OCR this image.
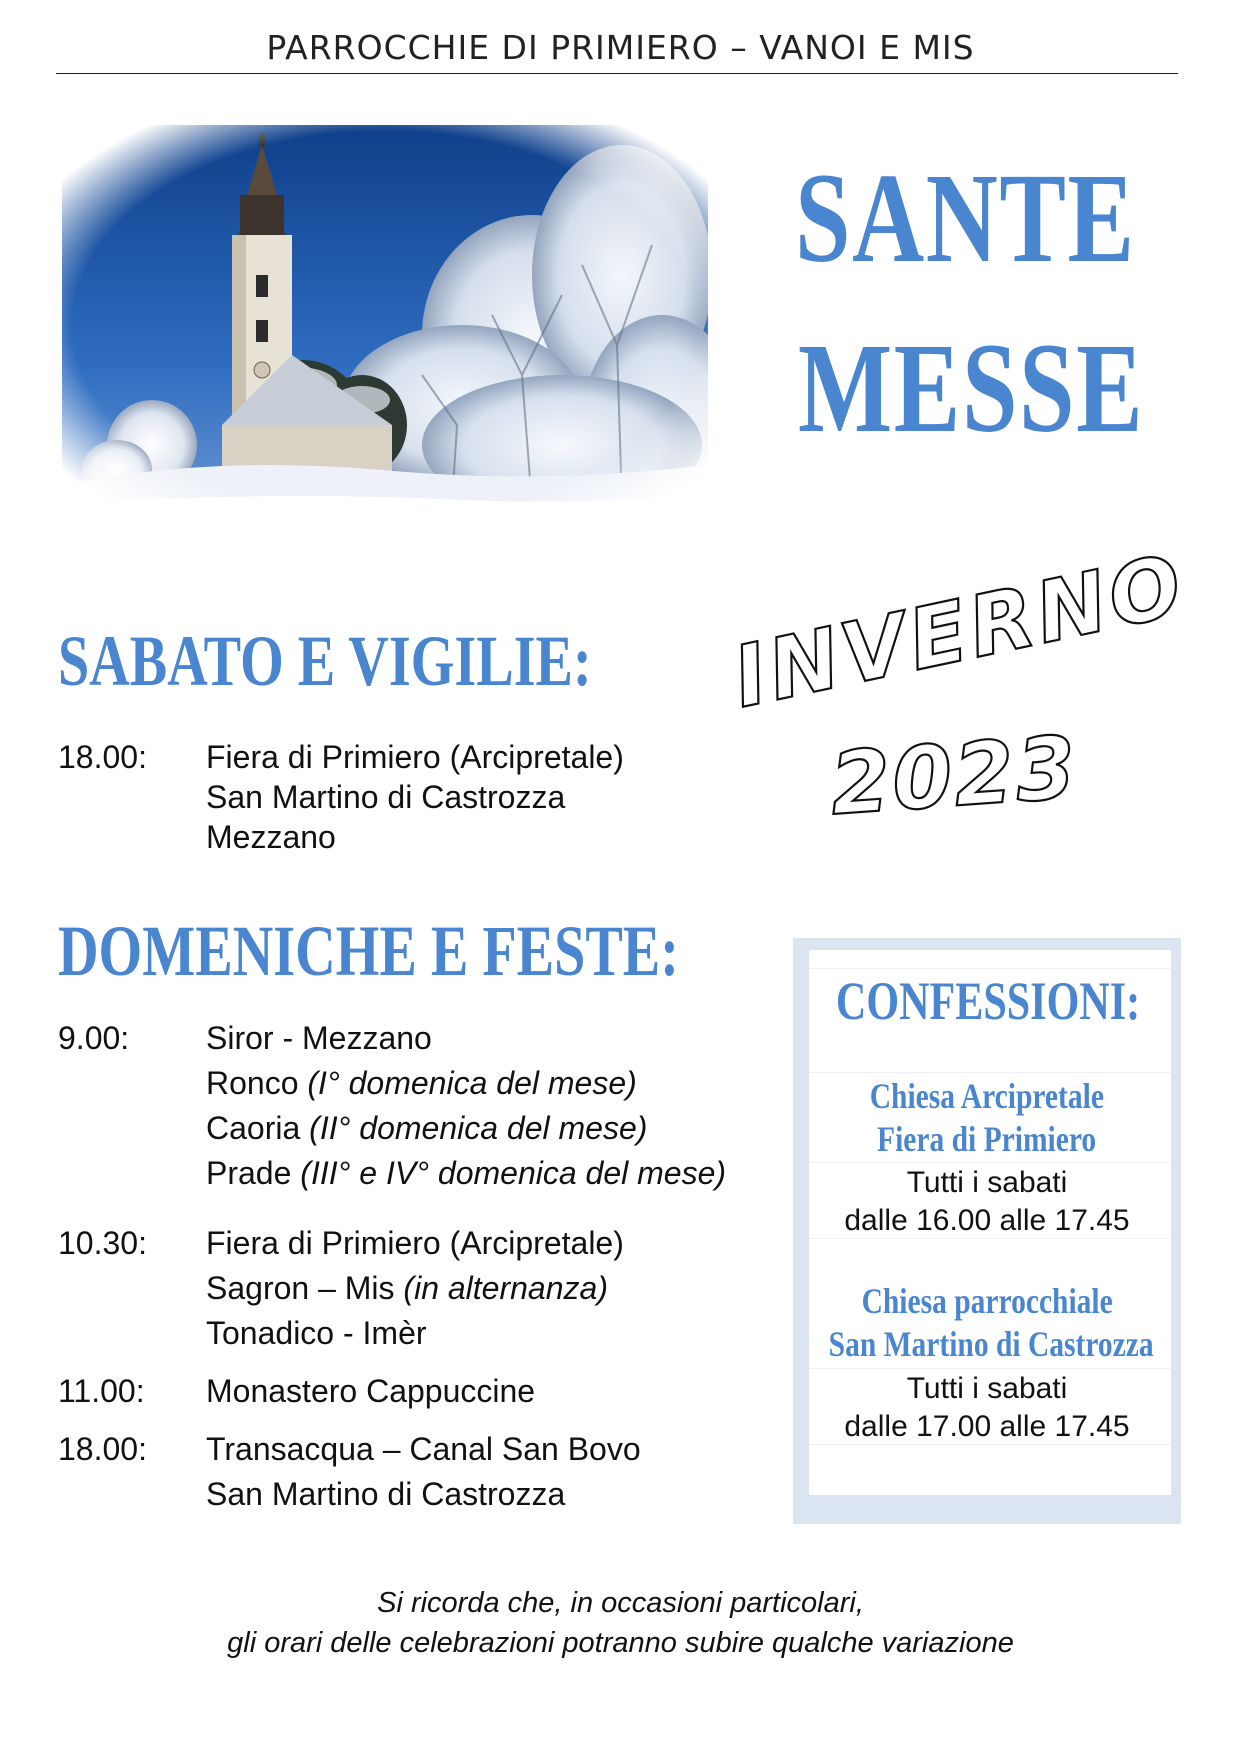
PARROCCHIE DI PRIMIERO – VANOI E MIS
SANTE
MESSE
INVERNO
2023
SABATO E VIGILIE:
18.00: Fiera di Primiero (Arcipretale)
San Martino di Castrozza
Mezzano
DOMENICHE E FESTE:
9.00: Siror - Mezzano
Ronco (I° domenica del mese)
Caoria (II° domenica del mese)
Prade (III° e IV° domenica del mese)
10.30: Fiera di Primiero (Arcipretale)
Sagron – Mis (in alternanza)
Tonadico - Imèr
11.00: Monastero Cappuccine
18.00: Transacqua – Canal San Bovo
San Martino di Castrozza
CONFESSIONI:
Chiesa Arcipretale
Fiera di Primiero
Tutti i sabati
dalle 16.00 alle 17.45
Chiesa parrocchiale
San Martino di Castrozza
Tutti i sabati
dalle 17.00 alle 17.45
Si ricorda che, in occasioni particolari,
gli orari delle celebrazioni potranno subire qualche variazione
